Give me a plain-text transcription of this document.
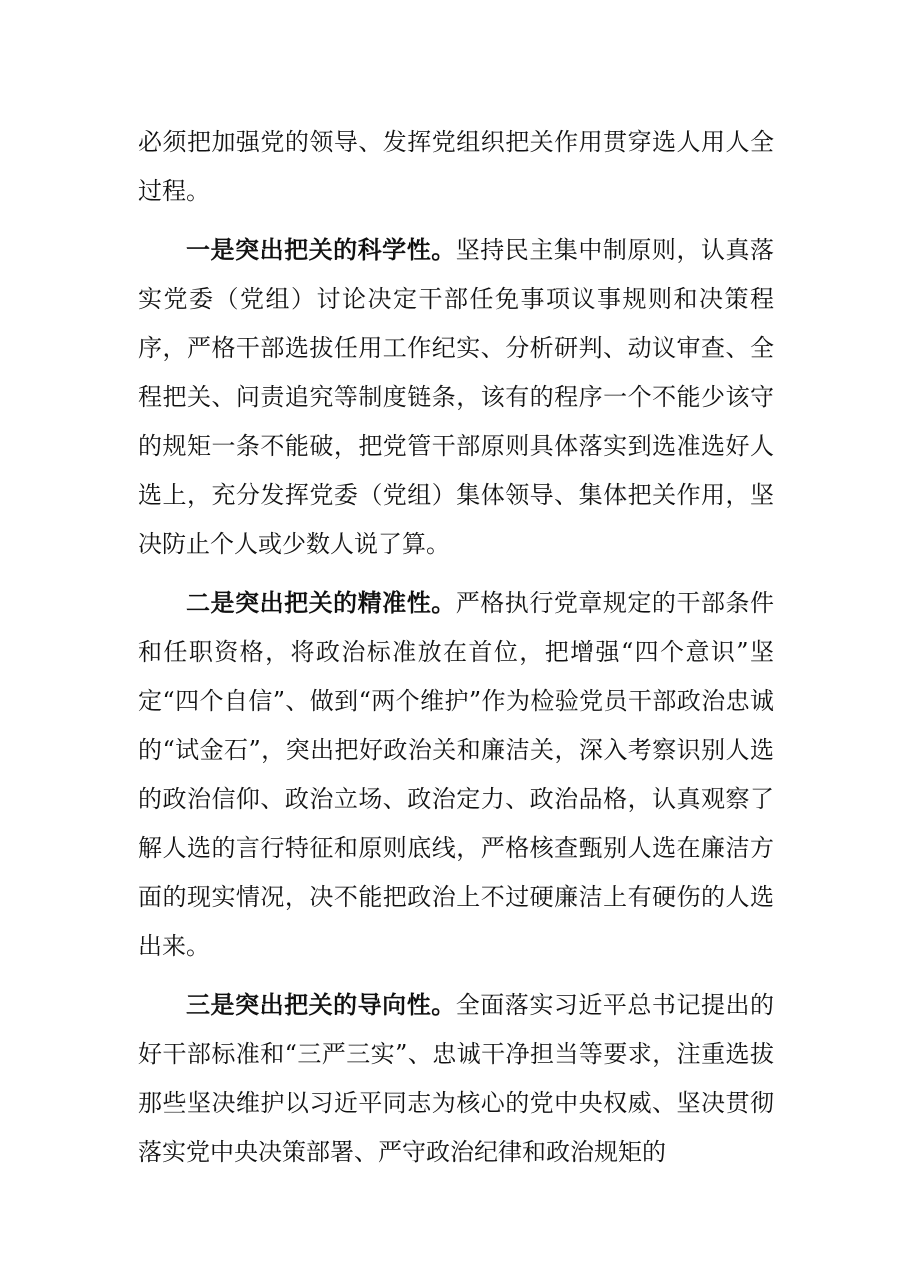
必须把加强党的领导、发挥党组织把关作用贯穿选人用人全过程。

一是突出把关的科学性。坚持民主集中制原则，认真落实党委（党组）讨论决定干部任免事项议事规则和决策程序，严格干部选拔任用工作纪实、分析研判、动议审查、全程把关、问责追究等制度链条，该有的程序一个不能少该守的规矩一条不能破，把党管干部原则具体落实到选准选好人选上，充分发挥党委（党组）集体领导、集体把关作用，坚决防止个人或少数人说了算。

二是突出把关的精准性。严格执行党章规定的干部条件和任职资格，将政治标准放在首位，把增强“四个意识”坚定“四个自信”、做到“两个维护”作为检验党员干部政治忠诚的“试金石”，突出把好政治关和廉洁关，深入考察识别人选的政治信仰、政治立场、政治定力、政治品格，认真观察了解人选的言行特征和原则底线，严格核查甄别人选在廉洁方面的现实情况，决不能把政治上不过硬廉洁上有硬伤的人选出来。

三是突出把关的导向性。全面落实习近平总书记提出的好干部标准和“三严三实”、忠诚干净担当等要求，注重选拔那些坚决维护以习近平同志为核心的党中央权威、坚决贯彻落实党中央决策部署、严守政治纪律和政治规矩的
